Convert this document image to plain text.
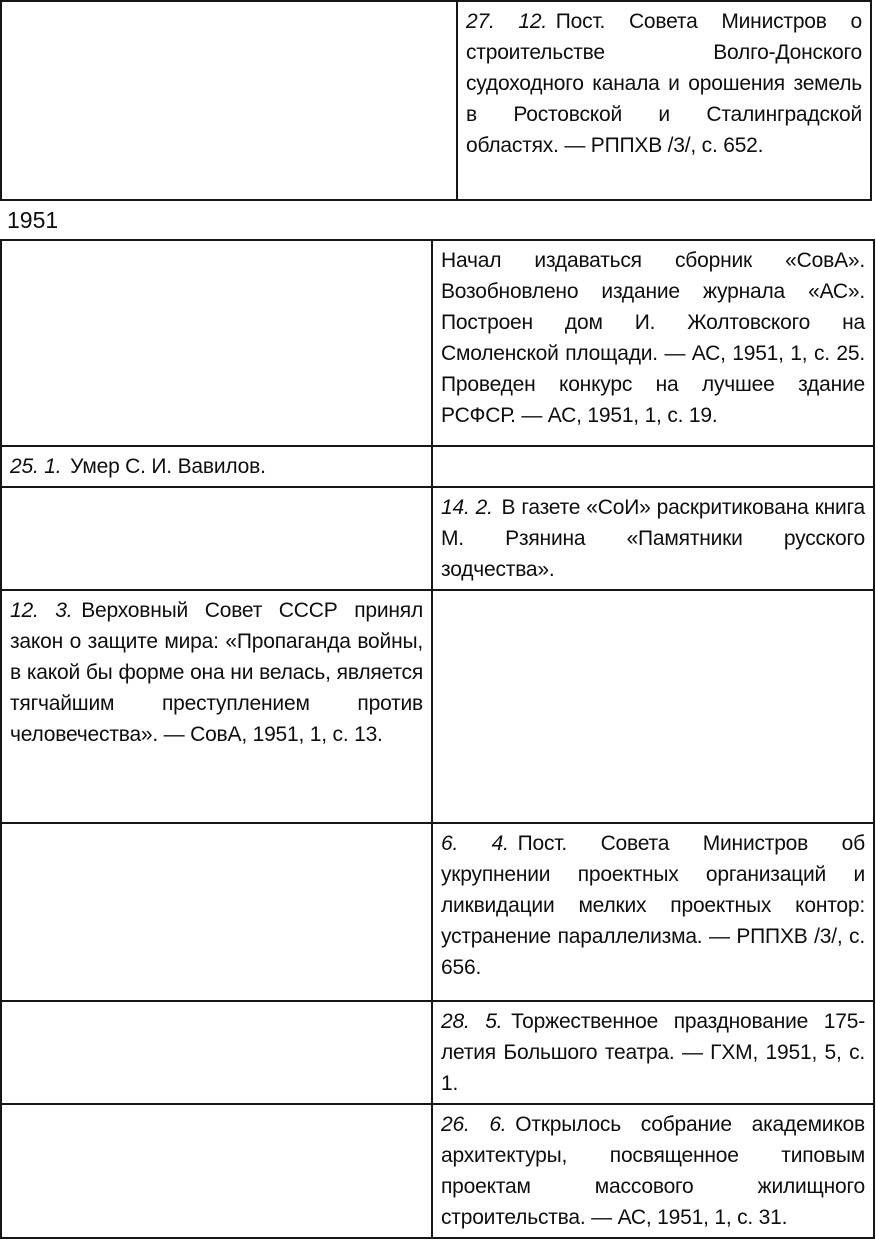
	27. 12. Пост. Совета Министров о строительстве Волго-Донского судоходного канала и орошения земель в Ростовской и Сталинградской областях. — РППХВ /3/, с. 652.
1951
	Начал издаваться сборник «СовА». Возобновлено издание журнала «АС». Построен дом И. Жолтовского на Смоленской площади. — АС, 1951, 1, с. 25. Проведен конкурс на лучшее здание РСФСР. — АС, 1951, 1, с. 19.
25. 1. Умер С. И. Вавилов.	
	14. 2. В газете «СоИ» раскритикована книга М. Рзянина «Памятники русского зодчества».
12. 3. Верховный Совет СССР принял закон о защите мира: «Пропаганда войны, в какой бы форме она ни велась, является тягчайшим преступлением против человечества». — СовА, 1951, 1, с. 13.	
	6. 4. Пост. Совета Министров об укрупнении проектных организаций и ликвидации мелких проектных контор: устранение параллелизма. — РППХВ /3/, с. 656.
	28. 5. Торжественное празднование 175-летия Большого театра. — ГХМ, 1951, 5, с. 1.
	26. 6. Открылось собрание академиков архитектуры, посвященное типовым проектам массового жилищного строительства. — АС, 1951, 1, с. 31.
